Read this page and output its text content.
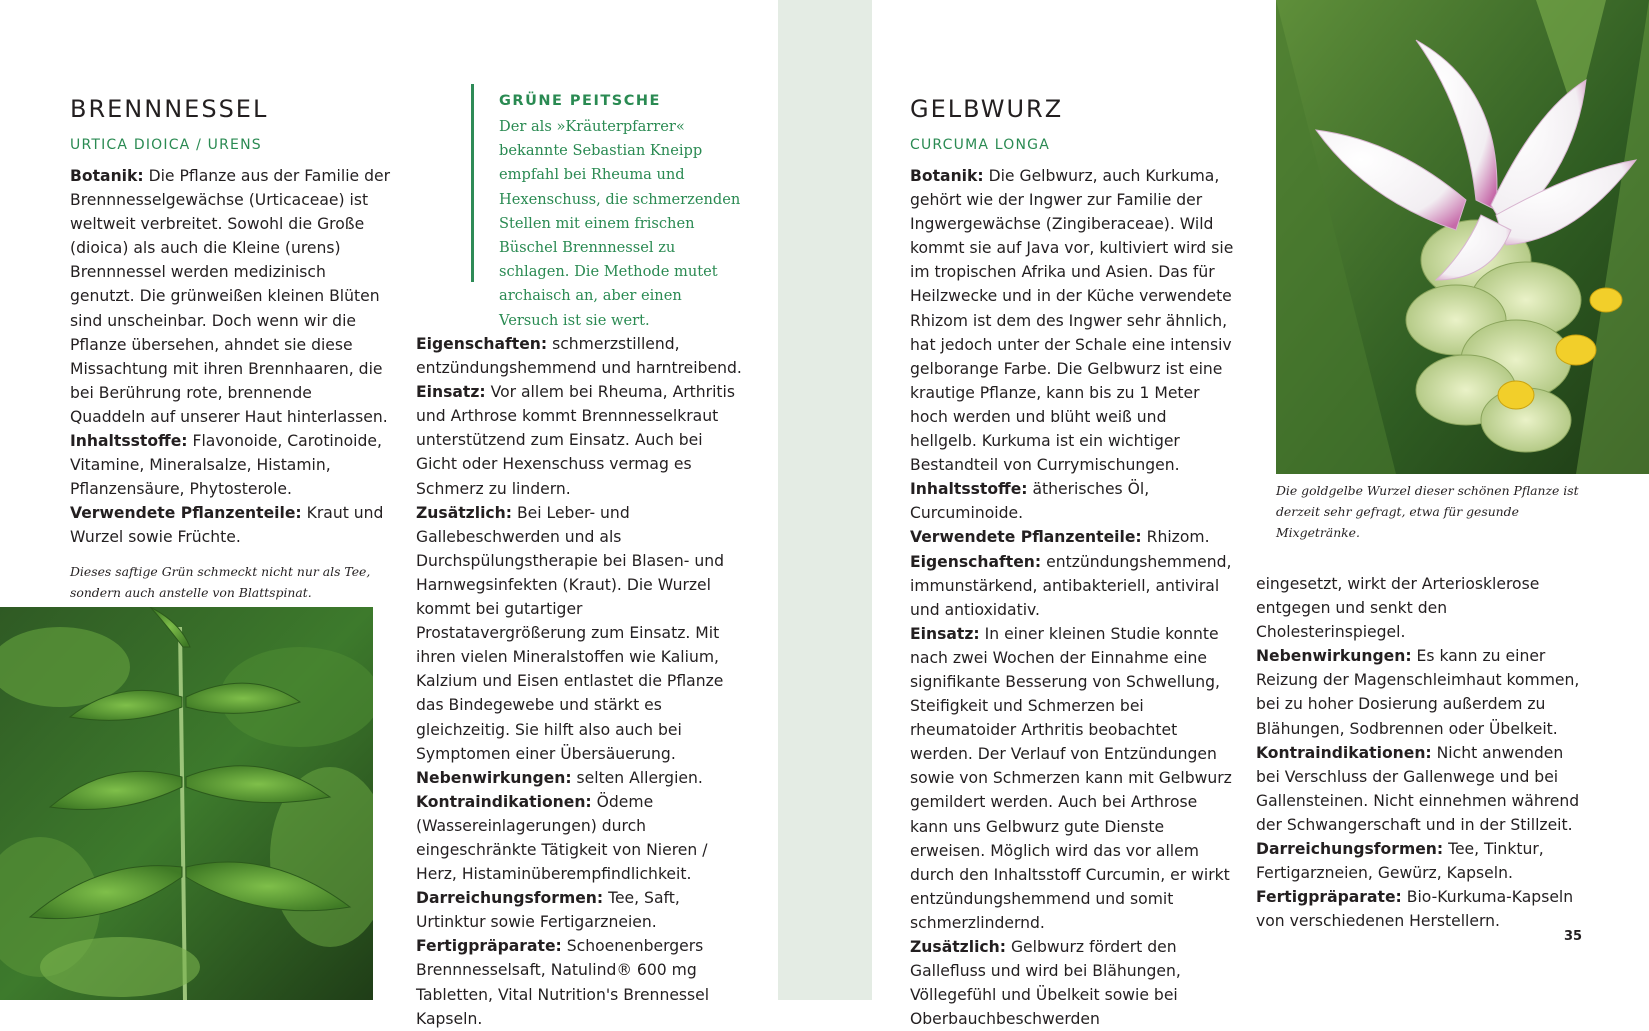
BRENNNESSEL
URTICA DIOICA / URENS

Botanik: Die Pflanze aus der Familie der Brennnesselgewächse (Urticaceae) ist weltweit verbreitet. Sowohl die Große (dioica) als auch die Kleine (urens) Brennnessel werden medizinisch genutzt. Die grünweißen kleinen Blüten sind unscheinbar. Doch wenn wir die Pflanze übersehen, ahndet sie diese Missachtung mit ihren Brennhaaren, die bei Berührung rote, brennende Quaddeln auf unserer Haut hinterlassen.

Inhaltsstoffe: Flavonoide, Carotinoide, Vitamine, Mineralsalze, Histamin, Pflanzensäure, Phytosterole.

Verwendete Pflanzenteile: Kraut und Wurzel sowie Früchte.

Dieses saftige Grün schmeckt nicht nur als Tee, sondern auch anstelle von Blattspinat.
GRÜNE PEITSCHE
Der als »Kräuterpfarrer« bekannte Sebastian Kneipp empfahl bei Rheuma und Hexenschuss, die schmerzenden Stellen mit einem frischen Büschel Brennnessel zu schlagen. Die Methode mutet archaisch an, aber einen Versuch ist sie wert.

Eigenschaften: schmerzstillend, entzündungshemmend und harntreibend.

Einsatz: Vor allem bei Rheuma, Arthritis und Arthrose kommt Brennnesselkraut unterstützend zum Einsatz. Auch bei Gicht oder Hexenschuss vermag es Schmerz zu lindern.

Zusätzlich: Bei Leber- und Gallebeschwerden und als Durchspülungstherapie bei Blasen- und Harnwegsinfekten (Kraut). Die Wurzel kommt bei gutartiger Prostatavergrößerung zum Einsatz. Mit ihren vielen Mineralstoffen wie Kalium, Kalzium und Eisen entlastet die Pflanze das Bindegewebe und stärkt es gleichzeitig. Sie hilft also auch bei Symptomen einer Übersäuerung.

Nebenwirkungen: selten Allergien.

Kontraindikationen: Ödeme (Wassereinlagerungen) durch eingeschränkte Tätigkeit von Nieren / Herz, Histaminüberempfindlichkeit.

Darreichungsformen: Tee, Saft, Urtinktur sowie Fertigarzneien.

Fertigpräparate: Schoenenbergers Brennnesselsaft, Natulind® 600 mg Tabletten, Vital Nutrition's Brennessel Kapseln.

GELBWURZ
CURCUMA LONGA

Botanik: Die Gelbwurz, auch Kurkuma, gehört wie der Ingwer zur Familie der Ingwergewächse (Zingiberaceae). Wild kommt sie auf Java vor, kultiviert wird sie im tropischen Afrika und Asien. Das für Heilzwecke und in der Küche verwendete Rhizom ist dem des Ingwer sehr ähnlich, hat jedoch unter der Schale eine intensiv gelborange Farbe. Die Gelbwurz ist eine krautige Pflanze, kann bis zu 1 Meter hoch werden und blüht weiß und hellgelb. Kurkuma ist ein wichtiger Bestandteil von Currymischungen.

Inhaltsstoffe: ätherisches Öl, Curcuminoide.

Verwendete Pflanzenteile: Rhizom.

Eigenschaften: entzündungshemmend, immunstärkend, antibakteriell, antiviral und antioxidativ.

Einsatz: In einer kleinen Studie konnte nach zwei Wochen der Einnahme eine signifikante Besserung von Schwellung, Steifigkeit und Schmerzen bei rheumatoider Arthritis beobachtet werden. Der Verlauf von Entzündungen sowie von Schmerzen kann mit Gelbwurz gemildert werden. Auch bei Arthrose kann uns Gelbwurz gute Dienste erweisen. Möglich wird das vor allem durch den Inhaltsstoff Curcumin, er wirkt entzündungshemmend und somit schmerzlindernd.

Zusätzlich: Gelbwurz fördert den Gallefluss und wird bei Blähungen, Völlegefühl und Übelkeit sowie bei Oberbauchbeschwerden

Die goldgelbe Wurzel dieser schönen Pflanze ist derzeit sehr gefragt, etwa für gesunde Mixgetränke.

eingesetzt, wirkt der Arteriosklerose entgegen und senkt den Cholesterinspiegel.

Nebenwirkungen: Es kann zu einer Reizung der Magenschleimhaut kommen, bei zu hoher Dosierung außerdem zu Blähungen, Sodbrennen oder Übelkeit.

Kontraindikationen: Nicht anwenden bei Verschluss der Gallenwege und bei Gallensteinen. Nicht einnehmen während der Schwangerschaft und in der Stillzeit.

Darreichungsformen: Tee, Tinktur, Fertigarzneien, Gewürz, Kapseln.

Fertigpräparate: Bio-Kurkuma-Kapseln von verschiedenen Herstellern.

35
